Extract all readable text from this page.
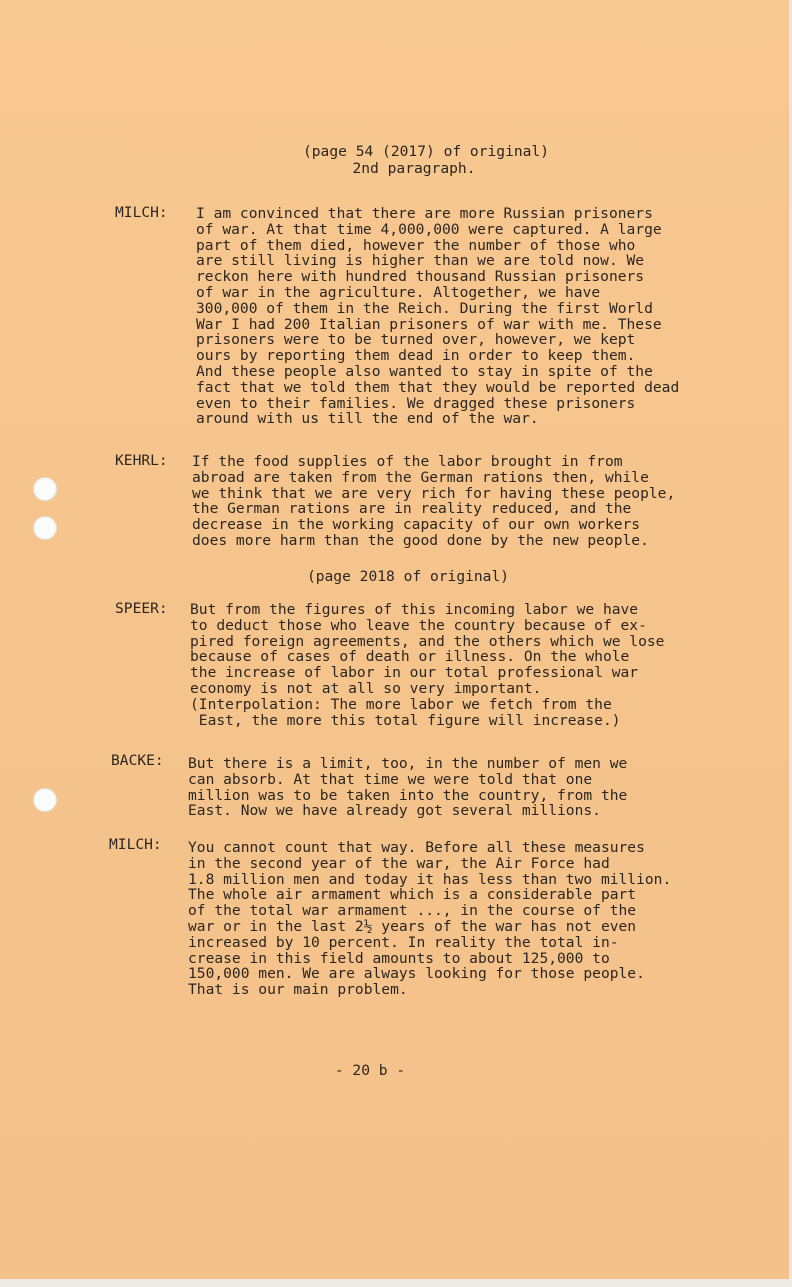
(page 54 (2017) of original)
2nd paragraph.
MILCH: I am convinced that there are more Russian prisoners
of war. At that time 4,000,000 were captured. A large
part of them died, however the number of those who
are still living is higher than we are told now. We
reckon here with hundred thousand Russian prisoners
of war in the agriculture. Altogether, we have
300,000 of them in the Reich. During the first World
War I had 200 Italian prisoners of war with me. These
prisoners were to be turned over, however, we kept
ours by reporting them dead in order to keep them.
And these people also wanted to stay in spite of the
fact that we told them that they would be reported dead
even to their families. We dragged these prisoners
around with us till the end of the war.
KEHRL: If the food supplies of the labor brought in from
abroad are taken from the German rations then, while
we think that we are very rich for having these people,
the German rations are in reality reduced, and the
decrease in the working capacity of our own workers
does more harm than the good done by the new people.
(page 2018 of original)
SPEER: But from the figures of this incoming labor we have
to deduct those who leave the country because of ex-
pired foreign agreements, and the others which we lose
because of cases of death or illness. On the whole
the increase of labor in our total professional war
economy is not at all so very important.
(Interpolation: The more labor we fetch from the
East, the more this total figure will increase.)
BACKE: But there is a limit, too, in the number of men we
can absorb. At that time we were told that one
million was to be taken into the country, from the
East. Now we have already got several millions.
MILCH: You cannot count that way. Before all these measures
in the second year of the war, the Air Force had
1.8 million men and today it has less than two million.
The whole air armament which is a considerable part
of the total war armament ..., in the course of the
war or in the last 2½ years of the war has not even
increased by 10 percent. In reality the total in-
crease in this field amounts to about 125,000 to
150,000 men. We are always looking for those people.
That is our main problem.
- 20 b -
